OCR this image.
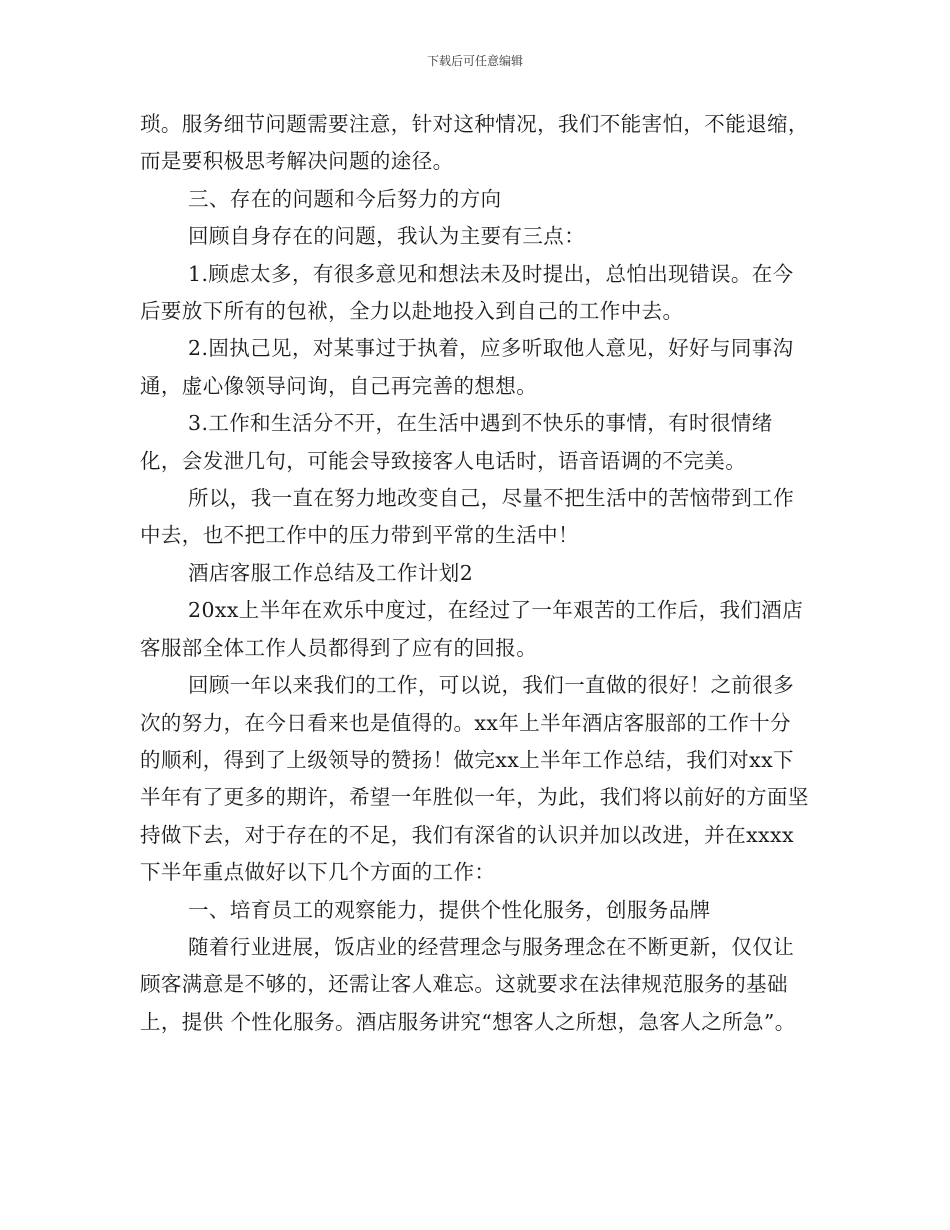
下载后可任意编辑

琐。服务细节问题需要注意，针对这种情况，我们不能害怕，不能退缩，而是要积极思考解决问题的途径。

三、存在的问题和今后努力的方向

回顾自身存在的问题，我认为主要有三点：

1.顾虑太多，有很多意见和想法未及时提出，总怕出现错误。在今后要放下所有的包袱，全力以赴地投入到自己的工作中去。

2.固执己见，对某事过于执着，应多听取他人意见，好好与同事沟通，虚心像领导问询，自己再完善的想想。

3.工作和生活分不开，在生活中遇到不快乐的事情，有时很情绪化，会发泄几句，可能会导致接客人电话时，语音语调的不完美。

所以，我一直在努力地改变自己，尽量不把生活中的苦恼带到工作中去，也不把工作中的压力带到平常的生活中！

酒店客服工作总结及工作计划2

20xx上半年在欢乐中度过，在经过了一年艰苦的工作后，我们酒店客服部全体工作人员都得到了应有的回报。

回顾一年以来我们的工作，可以说，我们一直做的很好！之前很多次的努力，在今日看来也是值得的。xx年上半年酒店客服部的工作十分的顺利，得到了上级领导的赞扬！做完xx上半年工作总结，我们对xx下半年有了更多的期许，希望一年胜似一年，为此，我们将以前好的方面坚持做下去，对于存在的不足，我们有深省的认识并加以改进，并在xxxx下半年重点做好以下几个方面的工作：

一、培育员工的观察能力，提供个性化服务，创服务品牌

随着行业进展，饭店业的经营理念与服务理念在不断更新，仅仅让顾客满意是不够的，还需让客人难忘。这就要求在法律规范服务的基础上，提供 个性化服务。酒店服务讲究“想客人之所想，急客人之所急”。
